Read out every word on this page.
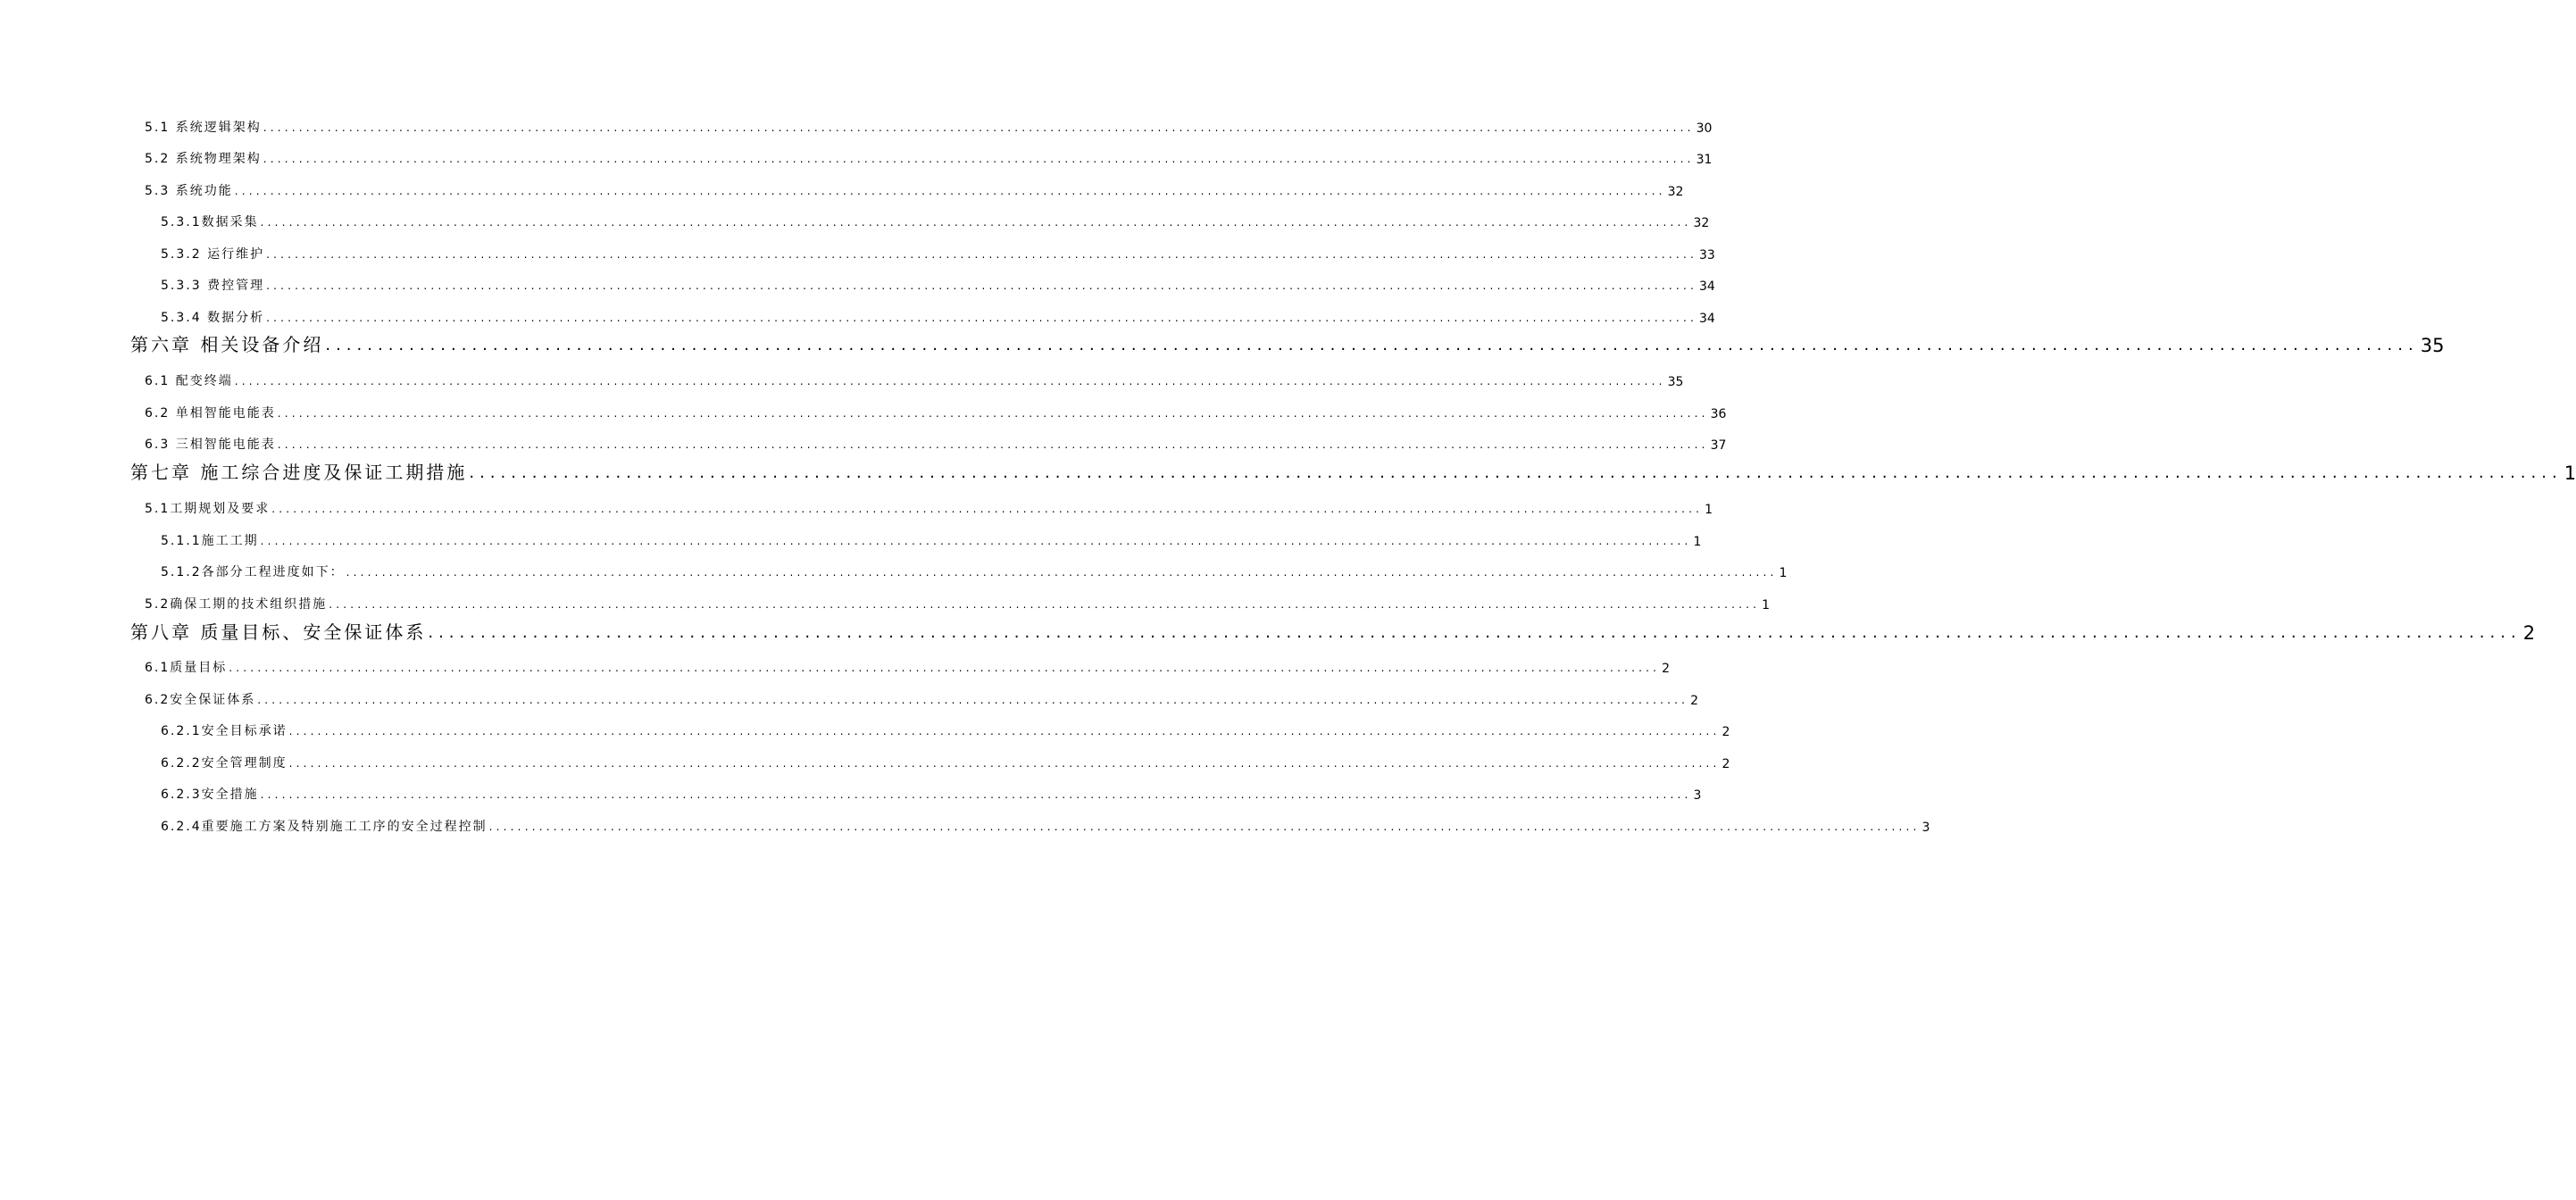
5.1 系统逻辑架构 ........................................................................................................................................................................................................ 30
5.2 系统物理架构 ........................................................................................................................................................................................................ 31
5.3 系统功能 ........................................................................................................................................................................................................ 32
5.3.1数据采集 ........................................................................................................................................................................................................ 32
5.3.2 运行维护 ........................................................................................................................................................................................................ 33
5.3.3 费控管理 ........................................................................................................................................................................................................ 34
5.3.4 数据分析 ........................................................................................................................................................................................................ 34
第六章 相关设备介绍 ........................................................................................................................................................................................................ 35
6.1 配变终端 ........................................................................................................................................................................................................ 35
6.2 单相智能电能表 ........................................................................................................................................................................................................ 36
6.3 三相智能电能表 ........................................................................................................................................................................................................ 37
第七章 施工综合进度及保证工期措施 ........................................................................................................................................................................................................ 1
5.1工期规划及要求 ........................................................................................................................................................................................................ 1
5.1.1施工工期 ........................................................................................................................................................................................................ 1
5.1.2各部分工程进度如下： ........................................................................................................................................................................................................ 1
5.2确保工期的技术组织措施 ........................................................................................................................................................................................................ 1
第八章 质量目标、安全保证体系 ........................................................................................................................................................................................................ 2
6.1质量目标 ........................................................................................................................................................................................................ 2
6.2安全保证体系 ........................................................................................................................................................................................................ 2
6.2.1安全目标承诺 ........................................................................................................................................................................................................ 2
6.2.2安全管理制度 ........................................................................................................................................................................................................ 2
6.2.3安全措施 ........................................................................................................................................................................................................ 3
6.2.4重要施工方案及特别施工工序的安全过程控制 ........................................................................................................................................................................................................ 3
